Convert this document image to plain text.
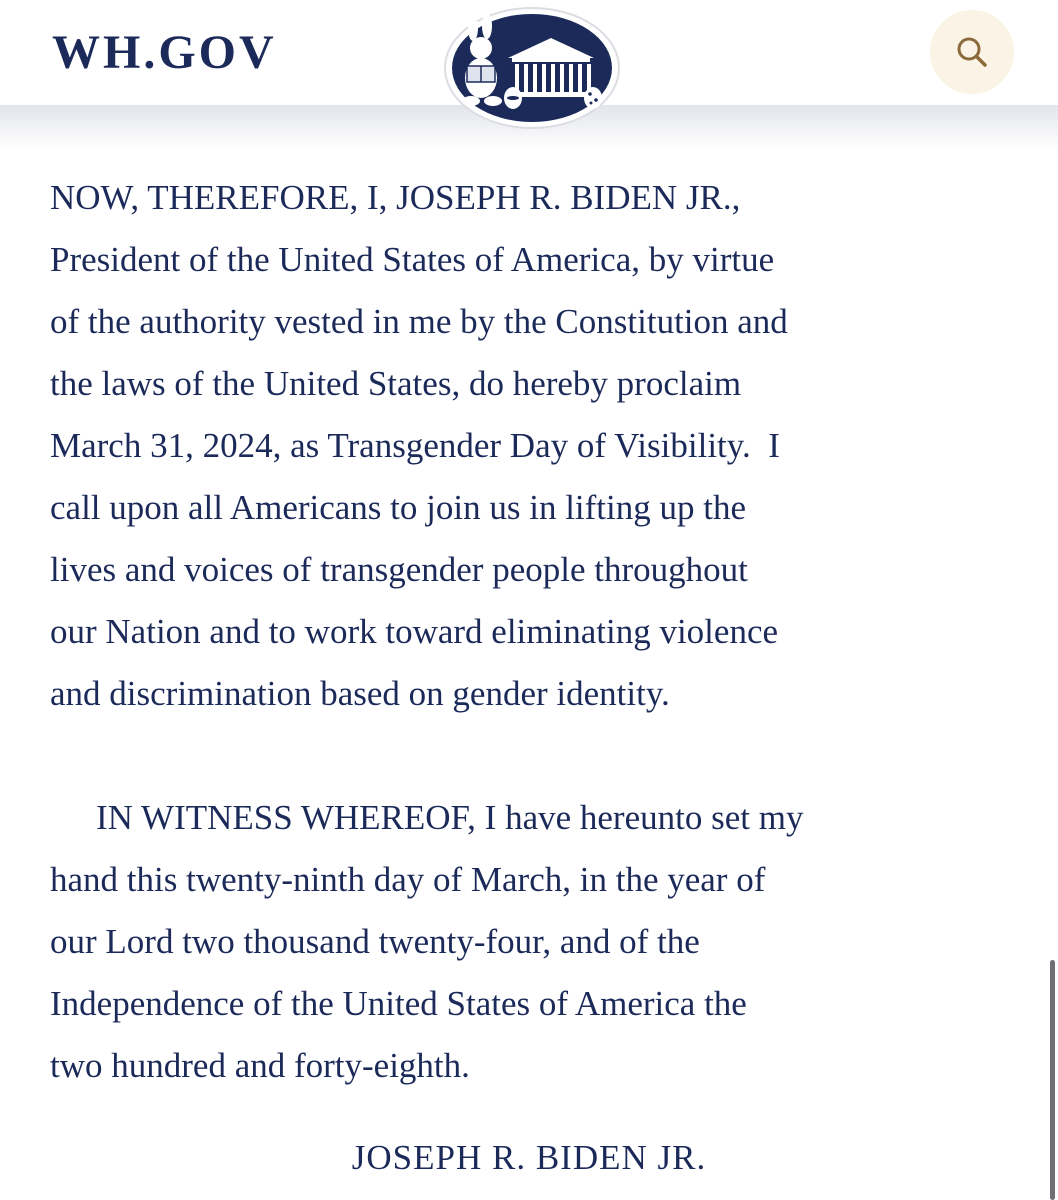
WH.GOV

NOW, THEREFORE, I, JOSEPH R. BIDEN JR.,
President of the United States of America, by virtue
of the authority vested in me by the Constitution and
the laws of the United States, do hereby proclaim
March 31, 2024, as Transgender Day of Visibility.  I
call upon all Americans to join us in lifting up the
lives and voices of transgender people throughout
our Nation and to work toward eliminating violence
and discrimination based on gender identity.

IN WITNESS WHEREOF, I have hereunto set my
hand this twenty-ninth day of March, in the year of
our Lord two thousand twenty-four, and of the
Independence of the United States of America the
two hundred and forty-eighth.

JOSEPH R. BIDEN JR.
